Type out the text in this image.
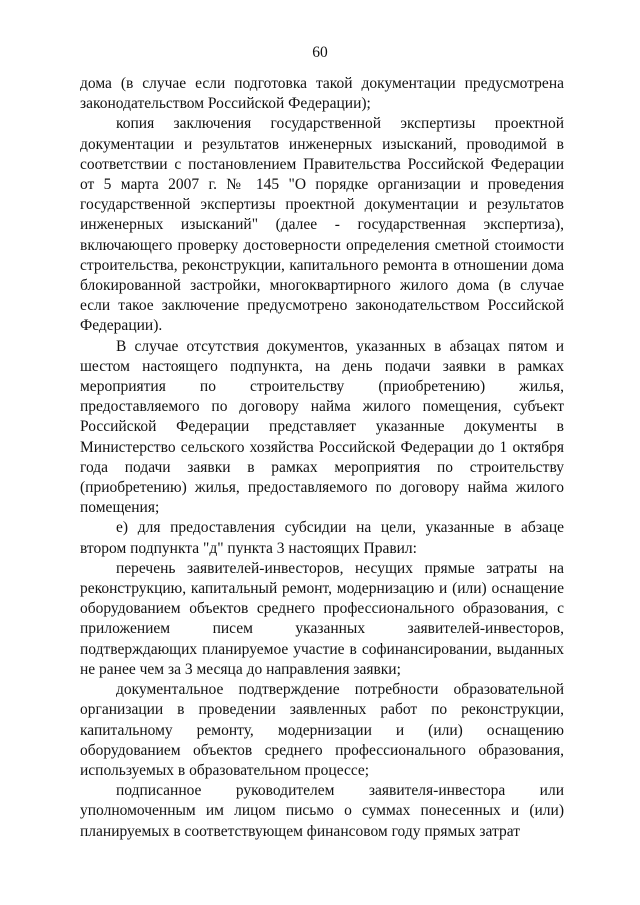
60

дома (в случае если подготовка такой документации предусмотрена законодательством Российской Федерации);

копия заключения государственной экспертизы проектной документации и результатов инженерных изысканий, проводимой в соответствии с постановлением Правительства Российской Федерации от 5 марта 2007 г. № 145 "О порядке организации и проведения государственной экспертизы проектной документации и результатов инженерных изысканий" (далее - государственная экспертиза), включающего проверку достоверности определения сметной стоимости строительства, реконструкции, капитального ремонта в отношении дома блокированной застройки, многоквартирного жилого дома (в случае если такое заключение предусмотрено законодательством Российской Федерации).

В случае отсутствия документов, указанных в абзацах пятом и шестом настоящего подпункта, на день подачи заявки в рамках мероприятия по строительству (приобретению) жилья, предоставляемого по договору найма жилого помещения, субъект Российской Федерации представляет указанные документы в Министерство сельского хозяйства Российской Федерации до 1 октября года подачи заявки в рамках мероприятия по строительству (приобретению) жилья, предоставляемого по договору найма жилого помещения;

е) для предоставления субсидии на цели, указанные в абзаце втором подпункта "д" пункта 3 настоящих Правил:

перечень заявителей-инвесторов, несущих прямые затраты на реконструкцию, капитальный ремонт, модернизацию и (или) оснащение оборудованием объектов среднего профессионального образования, с приложением писем указанных заявителей-инвесторов, подтверждающих планируемое участие в софинансировании, выданных не ранее чем за 3 месяца до направления заявки;

документальное подтверждение потребности образовательной организации в проведении заявленных работ по реконструкции, капитальному ремонту, модернизации и (или) оснащению оборудованием объектов среднего профессионального образования, используемых в образовательном процессе;

подписанное руководителем заявителя-инвестора или уполномоченным им лицом письмо о суммах понесенных и (или) планируемых в соответствующем финансовом году прямых затрат
